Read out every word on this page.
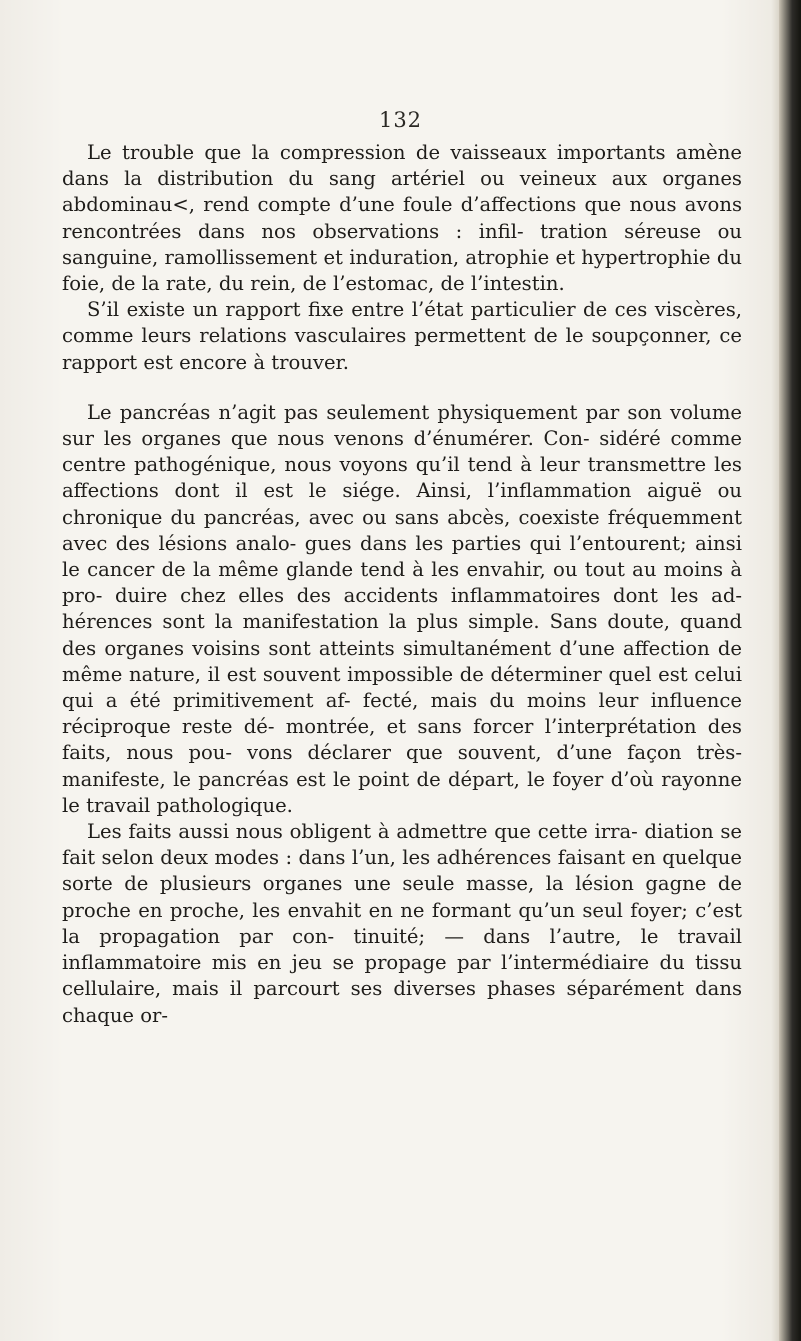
132

Le trouble que la compression de vaisseaux importants amène dans la distribution du sang artériel ou veineux aux organes abdominau<, rend compte d’une foule d’affections que nous avons rencontrées dans nos observations : infil- tration séreuse ou sanguine, ramollissement et induration, atrophie et hypertrophie du foie, de la rate, du rein, de l’estomac, de l’intestin.

S’il existe un rapport fixe entre l’état particulier de ces viscères, comme leurs relations vasculaires permettent de le soupçonner, ce rapport est encore à trouver.

Le pancréas n’agit pas seulement physiquement par son volume sur les organes que nous venons d’énumérer. Con- sidéré comme centre pathogénique, nous voyons qu’il tend à leur transmettre les affections dont il est le siége. Ainsi, l’inflammation aiguë ou chronique du pancréas, avec ou sans abcès, coexiste fréquemment avec des lésions analo- gues dans les parties qui l’entourent; ainsi le cancer de la même glande tend à les envahir, ou tout au moins à pro- duire chez elles des accidents inflammatoires dont les ad- hérences sont la manifestation la plus simple. Sans doute, quand des organes voisins sont atteints simultanément d’une affection de même nature, il est souvent impossible de déterminer quel est celui qui a été primitivement af- fecté, mais du moins leur influence réciproque reste dé- montrée, et sans forcer l’interprétation des faits, nous pou- vons déclarer que souvent, d’une façon très-manifeste, le pancréas est le point de départ, le foyer d’où rayonne le travail pathologique.

Les faits aussi nous obligent à admettre que cette irra- diation se fait selon deux modes : dans l’un, les adhérences faisant en quelque sorte de plusieurs organes une seule masse, la lésion gagne de proche en proche, les envahit en ne formant qu’un seul foyer; c’est la propagation par con- tinuité; — dans l’autre, le travail inflammatoire mis en jeu se propage par l’intermédiaire du tissu cellulaire, mais il parcourt ses diverses phases séparément dans chaque or-
